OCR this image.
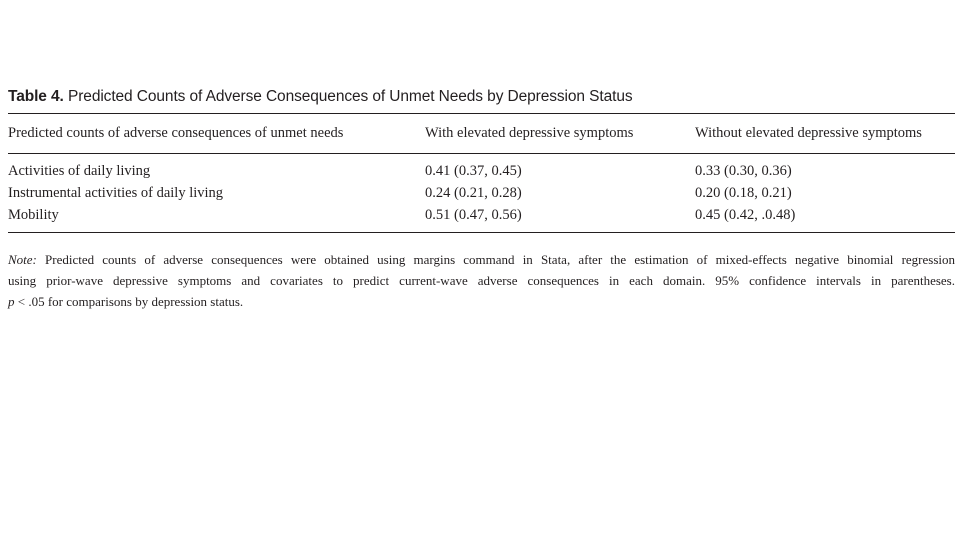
Table 4. Predicted Counts of Adverse Consequences of Unmet Needs by Depression Status
Predicted counts of adverse consequences of unmet needs	With elevated depressive symptoms	Without elevated depressive symptoms
Activities of daily living	0.41 (0.37, 0.45)	0.33 (0.30, 0.36)
Instrumental activities of daily living	0.24 (0.21, 0.28)	0.20 (0.18, 0.21)
Mobility	0.51 (0.47, 0.56)	0.45 (0.42, .0.48)
Note: Predicted counts of adverse consequences were obtained using margins command in Stata, after the estimation of mixed-effects negative binomial regression
using prior-wave depressive symptoms and covariates to predict current-wave adverse consequences in each domain. 95% confidence intervals in parentheses.
p < .05 for comparisons by depression status.
